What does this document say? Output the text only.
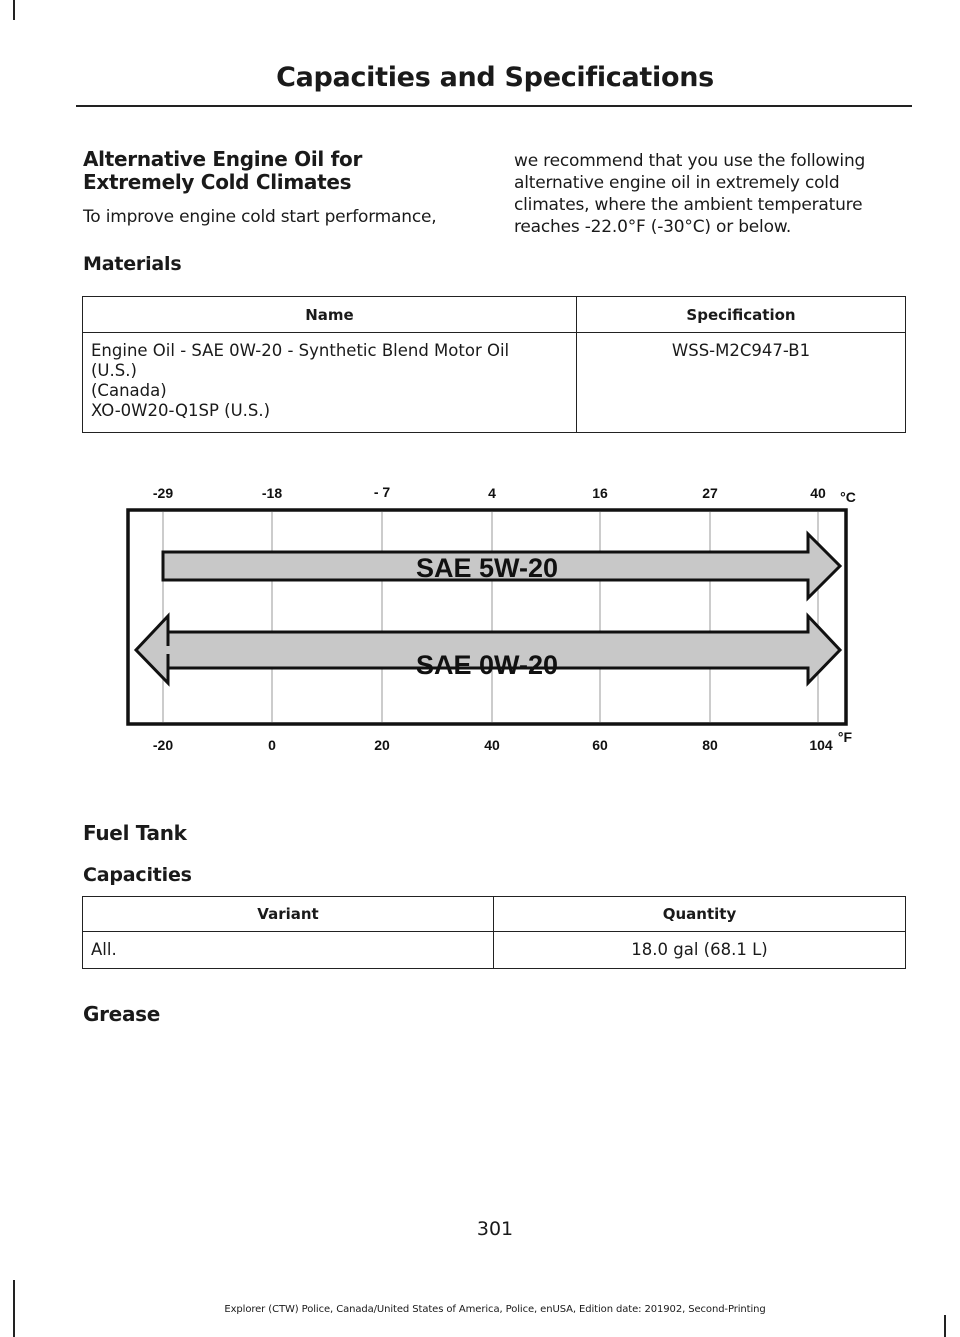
Capacities and Specifications
Alternative Engine Oil for
Extremely Cold Climates

To improve engine cold start performance,

we recommend that you use the following

alternative engine oil in extremely cold

climates, where the ambient temperature

reaches -22.0°F (-30°C) or below.

Materials
Name	Specification

Engine Oil - SAE 0W-20 - Synthetic Blend Motor Oil
(U.S.)
(Canada)
XO-0W20-Q1SP (U.S.)	WSS-M2C947-B1
-29	-18	- 7	4	16	27	40 °C
SAE 5W-20
SAE 0W-20
-20	0	20	40	60	80	104 °F
Fuel Tank
Capacities
Variant	Quantity
All.	18.0 gal (68.1 L)
Grease
301
Explorer (CTW) Police, Canada/United States of America, Police, enUSA, Edition date: 201902, Second-Printing
